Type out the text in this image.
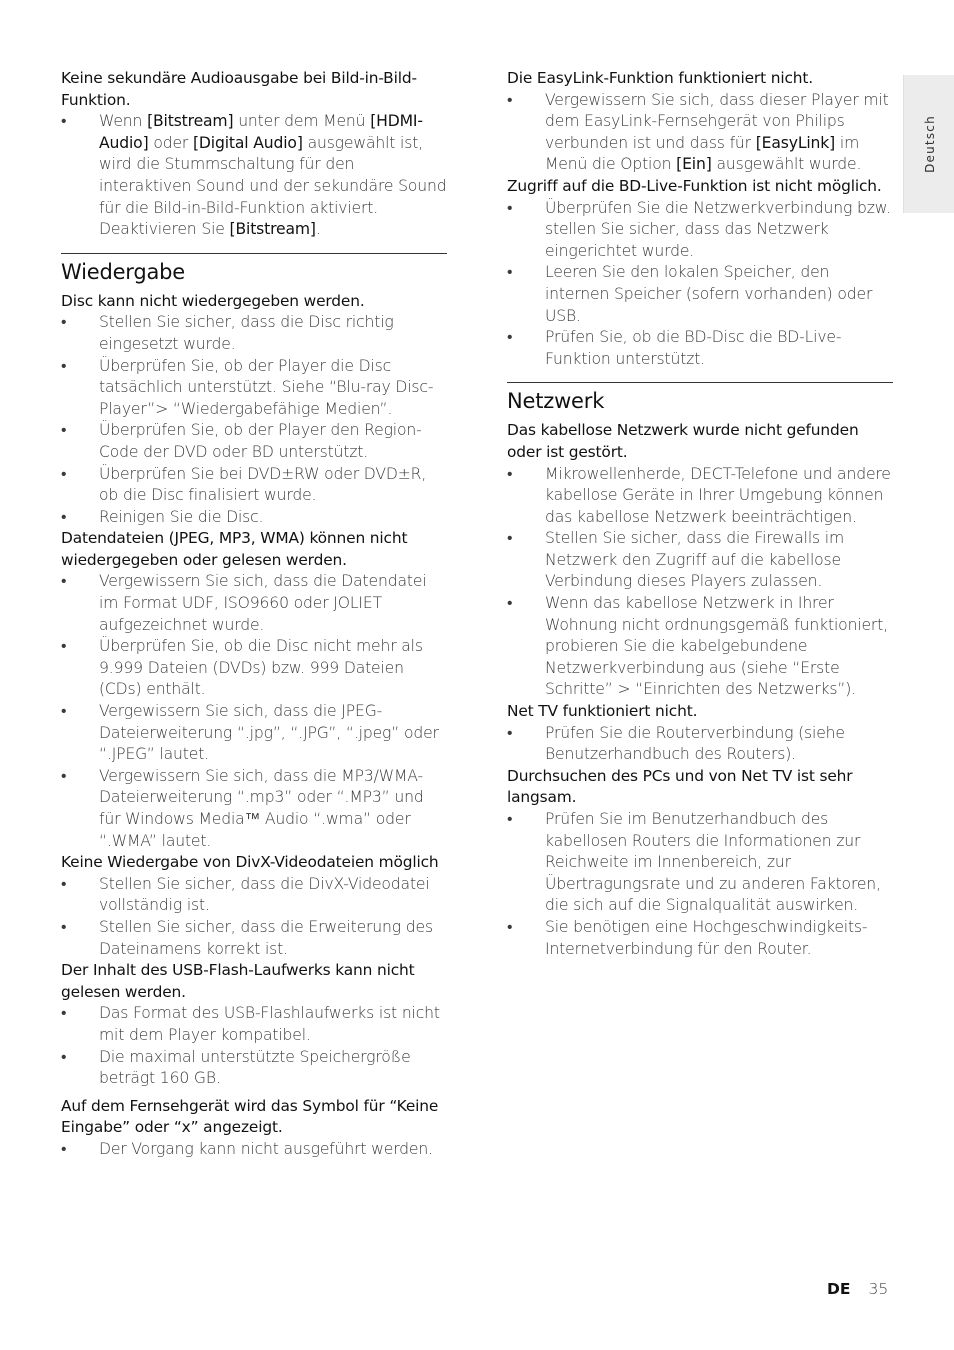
Deutsch
Keine sekundäre Audioausgabe bei Bild-in-Bild-Funktion.
•	Wenn [Bitstream] unter dem Menü [HDMI-Audio] oder [Digital Audio] ausgewählt ist, wird die Stummschaltung für den interaktiven Sound und der sekundäre Sound für die Bild-in-Bild-Funktion aktiviert. Deaktivieren Sie [Bitstream].
Wiedergabe
Disc kann nicht wiedergegeben werden.
•	Stellen Sie sicher, dass die Disc richtig eingesetzt wurde.
•	Überprüfen Sie, ob der Player die Disc tatsächlich unterstützt. Siehe “Blu-ray Disc-Player”> “Wiedergabefähige Medien”.
•	Überprüfen Sie, ob der Player den Region-Code der DVD oder BD unterstützt.
•	Überprüfen Sie bei DVD±RW oder DVD±R, ob die Disc finalisiert wurde.
•	Reinigen Sie die Disc.
Datendateien (JPEG, MP3, WMA) können nicht wiedergegeben oder gelesen werden.
•	Vergewissern Sie sich, dass die Datendatei im Format UDF, ISO9660 oder JOLIET aufgezeichnet wurde.
•	Überprüfen Sie, ob die Disc nicht mehr als 9.999 Dateien (DVDs) bzw. 999 Dateien (CDs) enthält.
•	Vergewissern Sie sich, dass die JPEG-Dateierweiterung “.jpg”, “.JPG”, “.jpeg” oder “.JPEG” lautet.
•	Vergewissern Sie sich, dass die MP3/WMA-Dateierweiterung “.mp3” oder “.MP3” und für Windows Media™ Audio “.wma” oder “.WMA” lautet.
Keine Wiedergabe von DivX-Videodateien möglich
•	Stellen Sie sicher, dass die DivX-Videodatei vollständig ist.
•	Stellen Sie sicher, dass die Erweiterung des Dateinamens korrekt ist.
Der Inhalt des USB-Flash-Laufwerks kann nicht gelesen werden.
•	Das Format des USB-Flashlaufwerks ist nicht mit dem Player kompatibel.
•	Die maximal unterstützte Speichergröße beträgt 160 GB.
Auf dem Fernsehgerät wird das Symbol für “Keine Eingabe” oder “x” angezeigt.
•	Der Vorgang kann nicht ausgeführt werden.
Die EasyLink-Funktion funktioniert nicht.
•	Vergewissern Sie sich, dass dieser Player mit dem EasyLink-Fernsehgerät von Philips verbunden ist und dass für [EasyLink] im Menü die Option [Ein] ausgewählt wurde.
Zugriff auf die BD-Live-Funktion ist nicht möglich.
•	Überprüfen Sie die Netzwerkverbindung bzw. stellen Sie sicher, dass das Netzwerk eingerichtet wurde.
•	Leeren Sie den lokalen Speicher, den internen Speicher (sofern vorhanden) oder USB.
•	Prüfen Sie, ob die BD-Disc die BD-Live-Funktion unterstützt.
Netzwerk
Das kabellose Netzwerk wurde nicht gefunden oder ist gestört.
•	Mikrowellenherde, DECT-Telefone und andere kabellose Geräte in Ihrer Umgebung können das kabellose Netzwerk beeinträchtigen.
•	Stellen Sie sicher, dass die Firewalls im Netzwerk den Zugriff auf die kabellose Verbindung dieses Players zulassen.
•	Wenn das kabellose Netzwerk in Ihrer Wohnung nicht ordnungsgemäß funktioniert, probieren Sie die kabelgebundene Netzwerkverbindung aus (siehe “Erste Schritte” > “Einrichten des Netzwerks”).
Net TV funktioniert nicht.
•	Prüfen Sie die Routerverbindung (siehe Benutzerhandbuch des Routers).
Durchsuchen des PCs und von Net TV ist sehr langsam.
•	Prüfen Sie im Benutzerhandbuch des kabellosen Routers die Informationen zur Reichweite im Innenbereich, zur Übertragungsrate und zu anderen Faktoren, die sich auf die Signalqualität auswirken.
•	Sie benötigen eine Hochgeschwindigkeits-Internetverbindung für den Router.
DE 35
